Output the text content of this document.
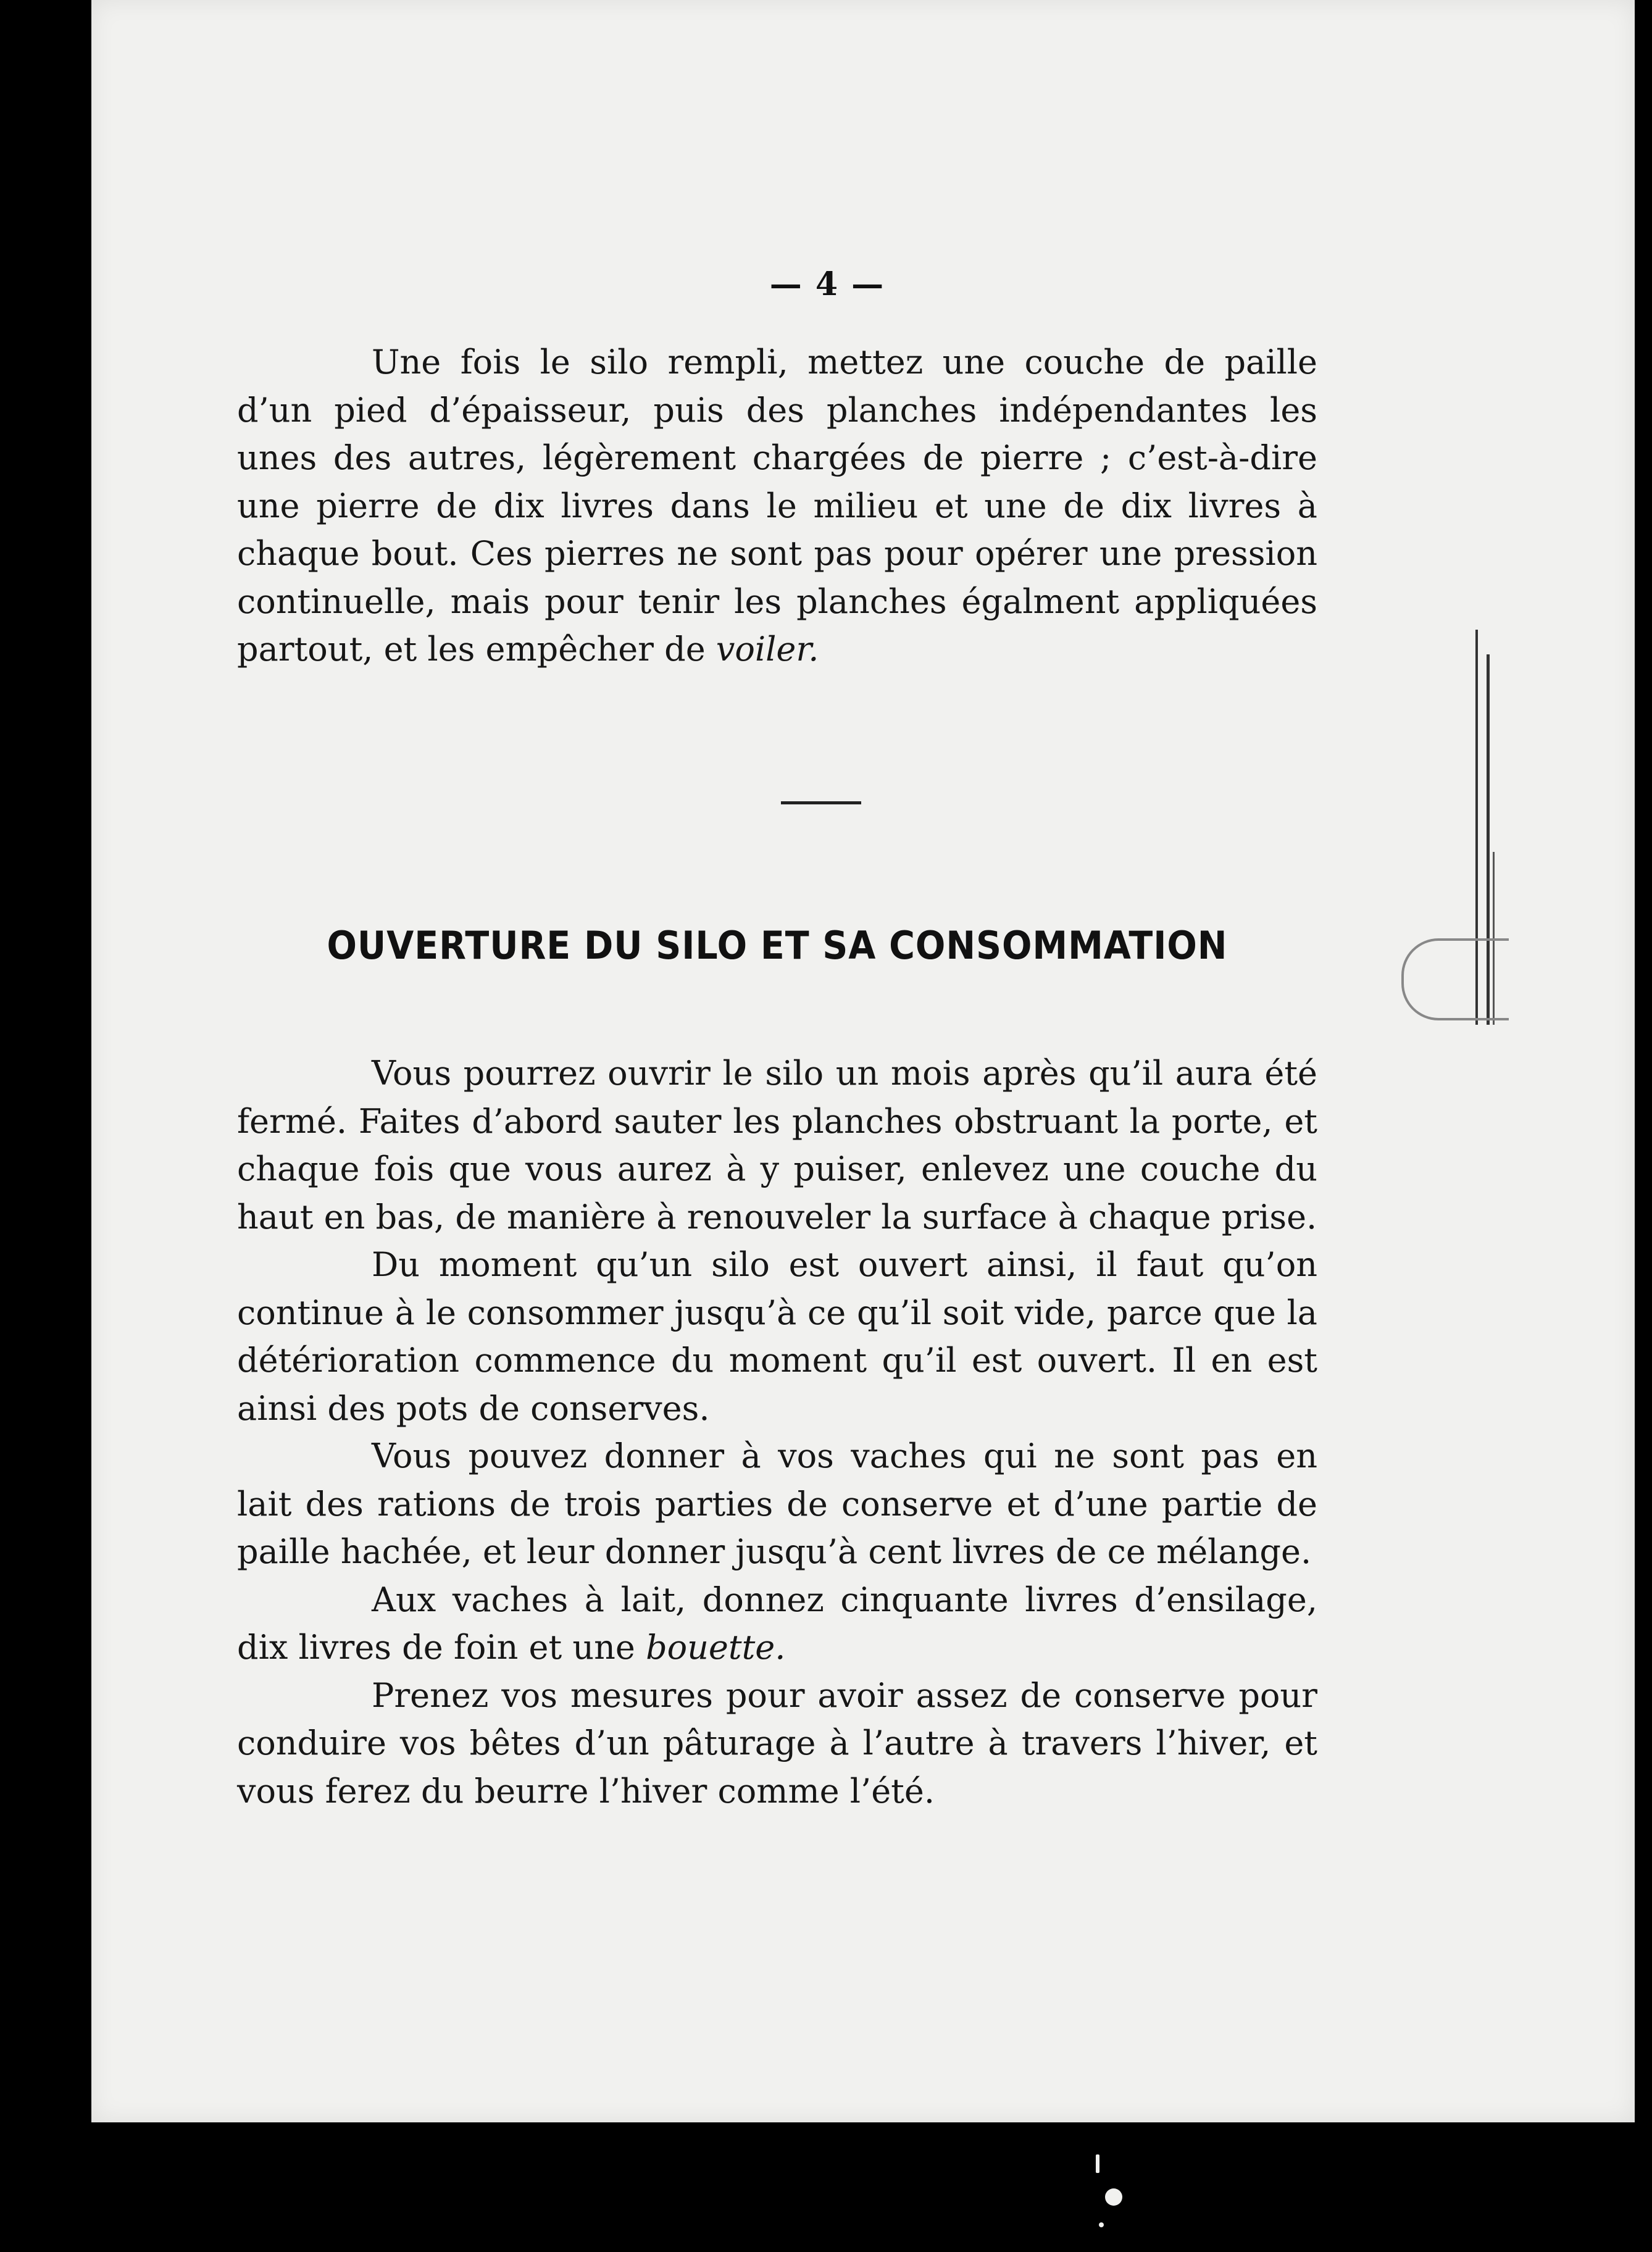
— 4 —

Une fois le silo rempli, mettez une couche de paille d’un pied d’épaisseur, puis des planches indépendantes les unes des autres, légèrement chargées de pierre ; c’est-à-dire une pierre de dix livres dans le milieu et une de dix livres à chaque bout. Ces pierres ne sont pas pour opérer une pression continuelle, mais pour tenir les planches égalment appliquées partout, et les empêcher de voiler.

OUVERTURE DU SILO ET SA CONSOMMATION

Vous pourrez ouvrir le silo un mois après qu’il aura été fermé. Faites d’abord sauter les planches obstruant la porte, et chaque fois que vous aurez à y puiser, enlevez une couche du haut en bas, de manière à renouveler la surface à chaque prise.

Du moment qu’un silo est ouvert ainsi, il faut qu’on continue à le consommer jusqu’à ce qu’il soit vide, parce que la détérioration commence du moment qu’il est ouvert. Il en est ainsi des pots de conserves.

Vous pouvez donner à vos vaches qui ne sont pas en lait des rations de trois parties de conserve et d’une partie de paille hachée, et leur donner jusqu’à cent livres de ce mélange.

Aux vaches à lait, donnez cinquante livres d’ensilage, dix livres de foin et une bouette.

Prenez vos mesures pour avoir assez de conserve pour conduire vos bêtes d’un pâturage à l’autre à travers l’hiver, et vous ferez du beurre l’hiver comme l’été.
